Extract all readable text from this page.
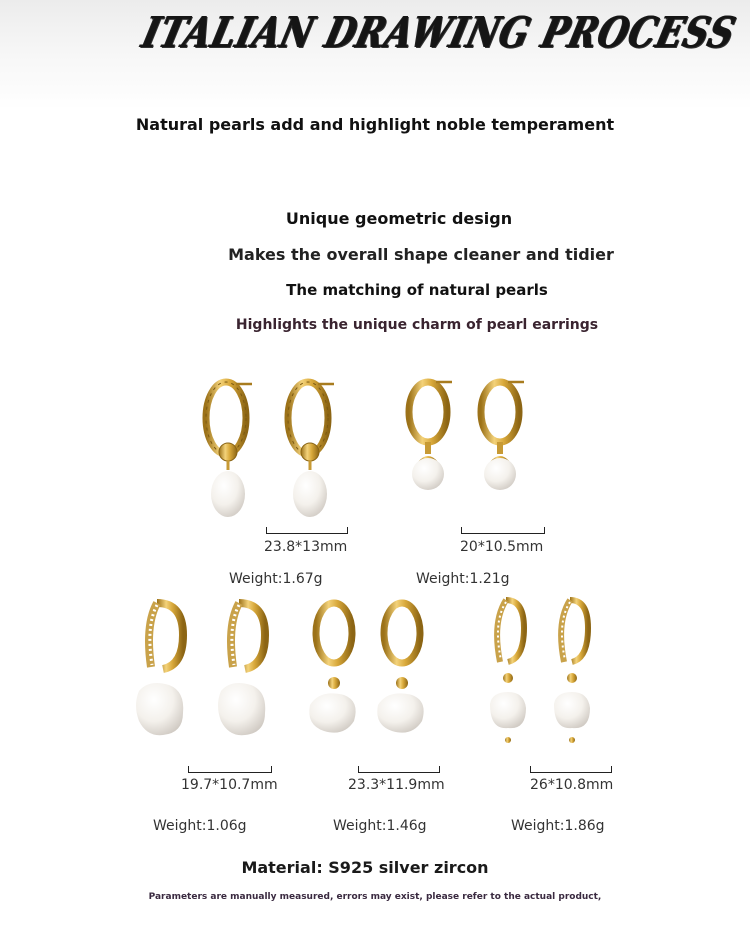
ITALIAN DRAWING PROCESS
Natural pearls add and highlight noble temperament
Unique geometric design
Makes the overall shape cleaner and tidier
The matching of natural pearls
Highlights the unique charm of pearl earrings
23.8*13mm
Weight:1.67g
20*10.5mm
Weight:1.21g
19.7*10.7mm
Weight:1.06g
23.3*11.9mm
Weight:1.46g
26*10.8mm
Weight:1.86g
Material: S925 silver zircon
Parameters are manually measured, errors may exist, please refer to the actual product,
